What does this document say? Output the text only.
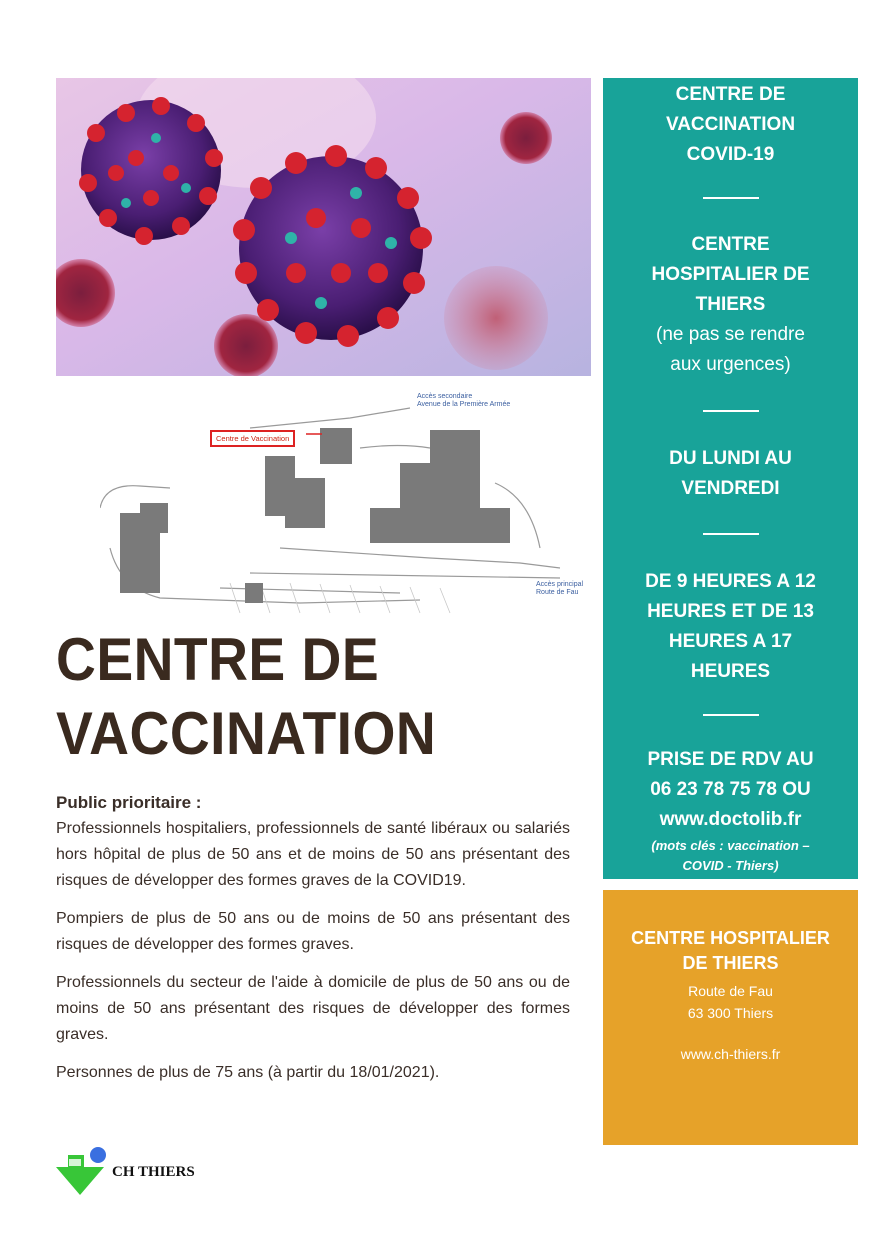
Accès secondaire
Avenue de la Première Armée
Centre de Vaccination
Accès principal
Route de Fau
CENTRE DE
VACCINATION
Public prioritaire :

Professionnels hospitaliers, professionnels de santé libéraux ou salariés hors hôpital de plus de 50 ans et de moins de 50 ans présentant des risques de développer des formes graves de la COVID19.

Pompiers de plus de 50 ans ou de moins de 50 ans présentant des risques de développer des formes graves.

Professionnels du secteur de l'aide à domicile de plus de 50 ans ou de moins de 50 ans présentant des risques de développer des formes graves.

Personnes de plus de 75 ans (à partir du 18/01/2021).

CH THIERS
CENTRE DE
VACCINATION
COVID-19
CENTRE
HOSPITALIER DE
THIERS
(ne pas se rendre
aux urgences)
DU LUNDI AU
VENDREDI
DE 9 HEURES A 12
HEURES ET DE 13
HEURES A 17
HEURES
PRISE DE RDV AU
06 23 78 75 78 OU
www.doctolib.fr
(mots clés : vaccination –
COVID - Thiers)
CENTRE HOSPITALIER
DE THIERS
Route de Fau
63 300 Thiers
www.ch-thiers.fr
